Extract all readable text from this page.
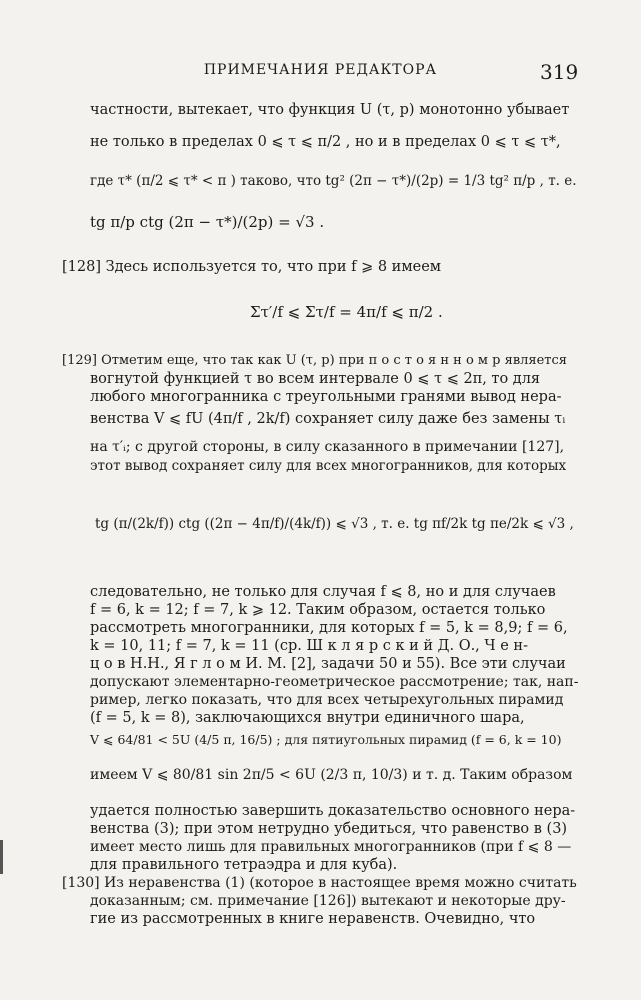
ПРИМЕЧАНИЯ РЕДАКТОРА	319
частности, вытекает, что функция U (τ, p) монотонно убывает
не только в пределах 0 ⩽ τ ⩽ π/2 , но и в пределах 0 ⩽ τ ⩽ τ*,
где τ* (π/2 ⩽ τ* < π ) таково, что tg² (2π − τ*)/(2p) = 1/3 tg² π/p , т. е.
tg π/p ctg (2π − τ*)/(2p) = √3 .
[128] Здесь используется то, что при f ⩾ 8 имеем
Στ′/f ⩽ Στ/f = 4π/f ⩽ π/2 .
[129] Отметим еще, что так как U (τ, p) при п о с т о я н н о м p является
вогнутой функцией τ во всем интервале 0 ⩽ τ ⩽ 2π, то для
любого многогранника с треугольными гранями вывод нера-
венства V ⩽ fU (4π/f , 2k/f) сохраняет силу даже без замены τᵢ
на τ′ᵢ; с другой стороны, в силу сказанного в примечании [127],
этот вывод сохраняет силу для всех многогранников, для которых
tg (π/(2k/f)) ctg ((2π − 4π/f)/(4k/f)) ⩽ √3 , т. е. tg πf/2k tg πe/2k ⩽ √3 ,
следовательно, не только для случая f ⩽ 8, но и для случаев
f = 6, k = 12; f = 7, k ⩾ 12. Таким образом, остается только
рассмотреть многогранники, для которых f = 5, k = 8,9; f = 6,
k = 10, 11; f = 7, k = 11 (ср. Ш к л я р с к и й Д. О., Ч е н-
ц о в Н.Н., Я г л о м И. М. [2], задачи 50 и 55). Все эти случаи
допускают элементарно-геометрическое рассмотрение; так, нап-
ример, легко показать, что для всех четырехугольных пирамид
(f = 5, k = 8), заключающихся внутри единичного шара,
V ⩽ 64/81 < 5U (4/5 π, 16/5) ; для пятиугольных пирамид (f = 6, k = 10)
имеем V ⩽ 80/81 sin 2π/5 < 6U (2/3 π, 10/3) и т. д. Таким образом
удается полностью завершить доказательство основного нера-
венства (3); при этом нетрудно убедиться, что равенство в (3)
имеет место лишь для правильных многогранников (при f ⩽ 8 —
для правильного тетраэдра и для куба).
[130] Из неравенства (1) (которое в настоящее время можно считать
доказанным; см. примечание [126]) вытекают и некоторые дру-
гие из рассмотренных в книге неравенств. Очевидно, что
